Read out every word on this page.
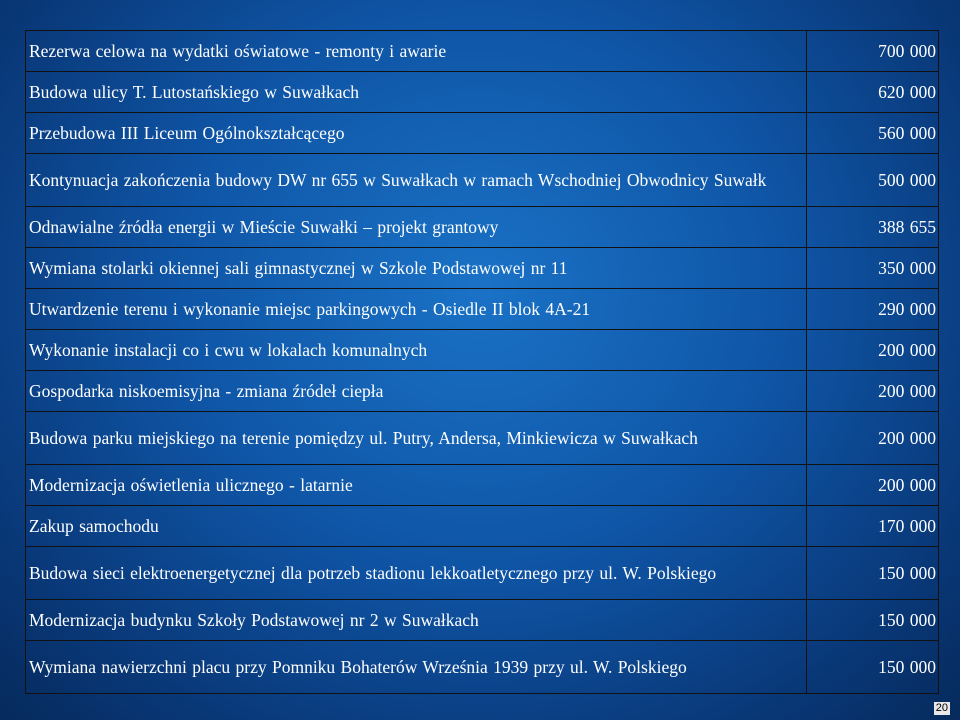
Rezerwa celowa na wydatki oświatowe - remonty i awarie	700 000
Budowa ulicy T. Lutostańskiego w Suwałkach	620 000
Przebudowa III Liceum Ogólnokształcącego	560 000
Kontynuacja zakończenia budowy DW nr 655 w Suwałkach w ramach Wschodniej Obwodnicy Suwałk	500 000
Odnawialne źródła energii w Mieście Suwałki – projekt grantowy	388 655
Wymiana stolarki okiennej sali gimnastycznej w Szkole Podstawowej nr 11	350 000
Utwardzenie terenu i wykonanie miejsc parkingowych - Osiedle II blok 4A-21	290 000
Wykonanie instalacji co i cwu w lokalach komunalnych	200 000
Gospodarka niskoemisyjna - zmiana źródeł ciepła	200 000
Budowa parku miejskiego na terenie pomiędzy ul. Putry, Andersa, Minkiewicza w Suwałkach	200 000
Modernizacja oświetlenia ulicznego - latarnie	200 000
Zakup samochodu	170 000
Budowa sieci elektroenergetycznej dla potrzeb stadionu lekkoatletycznego przy ul. W. Polskiego	150 000
Modernizacja budynku Szkoły Podstawowej nr 2 w Suwałkach	150 000
Wymiana nawierzchni placu przy Pomniku Bohaterów Września 1939 przy ul. W. Polskiego	150 000
20
